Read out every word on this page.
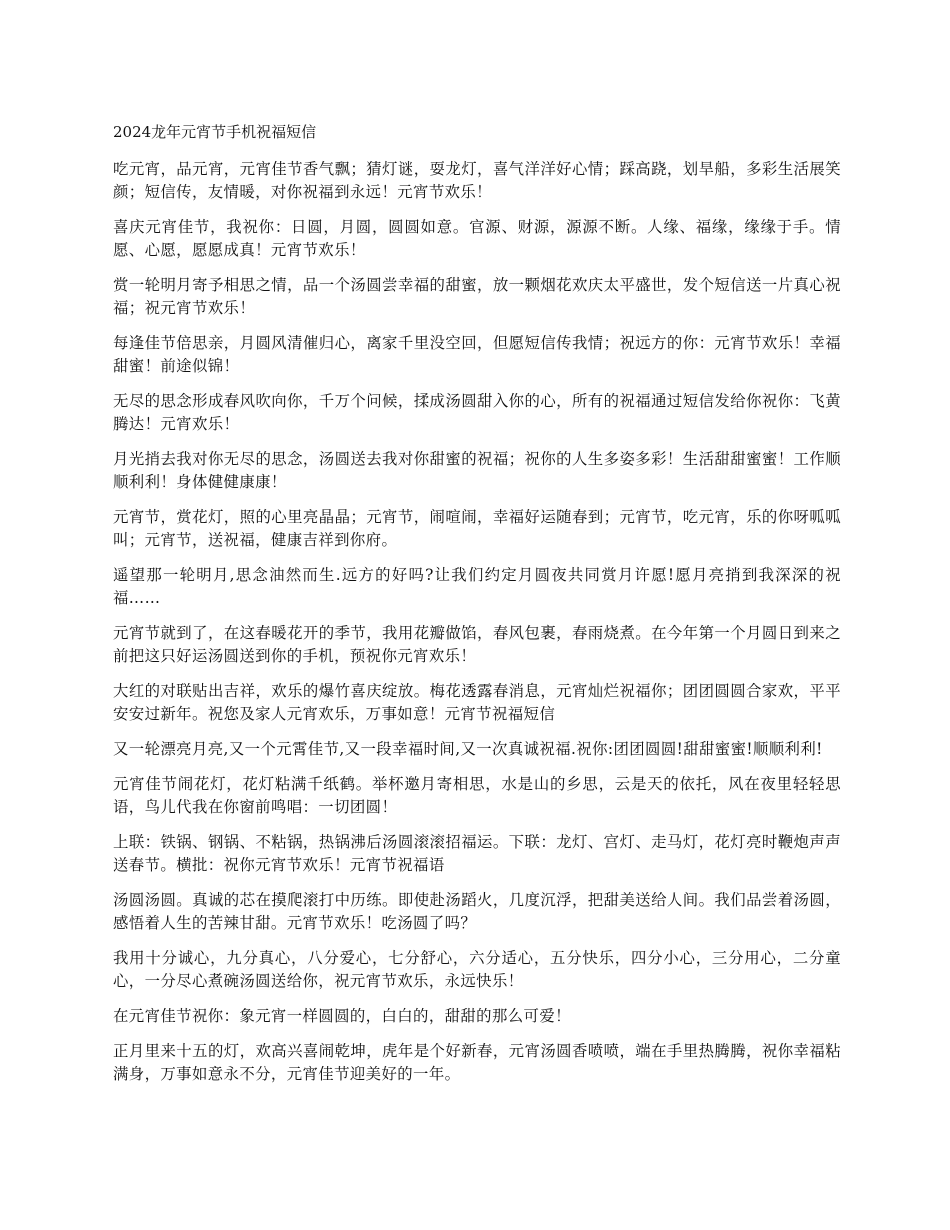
2024龙年元宵节手机祝福短信

吃元宵，品元宵，元宵佳节香气飘；猜灯谜，耍龙灯，喜气洋洋好心情；踩高跷，划旱船，多彩生活展笑颜；短信传，友情暖，对你祝福到永远！元宵节欢乐！

喜庆元宵佳节，我祝你：日圆，月圆，圆圆如意。官源、财源，源源不断。人缘、福缘，缘缘于手。情愿、心愿，愿愿成真！元宵节欢乐！

赏一轮明月寄予相思之情，品一个汤圆尝幸福的甜蜜，放一颗烟花欢庆太平盛世，发个短信送一片真心祝福；祝元宵节欢乐！

每逢佳节倍思亲，月圆风清催归心，离家千里没空回，但愿短信传我情；祝远方的你：元宵节欢乐！幸福甜蜜！前途似锦！

无尽的思念形成春风吹向你，千万个问候，揉成汤圆甜入你的心，所有的祝福通过短信发给你祝你：飞黄腾达！元宵欢乐！

月光捎去我对你无尽的思念，汤圆送去我对你甜蜜的祝福；祝你的人生多姿多彩！生活甜甜蜜蜜！工作顺顺利利！身体健健康康！

元宵节，赏花灯，照的心里亮晶晶；元宵节，闹喧闹，幸福好运随春到；元宵节，吃元宵，乐的你呀呱呱叫；元宵节，送祝福，健康吉祥到你府。

遥望那一轮明月,思念油然而生.远方的好吗?让我们约定月圆夜共同赏月许愿!愿月亮捎到我深深的祝福……

元宵节就到了，在这春暖花开的季节，我用花瓣做馅，春风包裹，春雨烧煮。在今年第一个月圆日到来之前把这只好运汤圆送到你的手机，预祝你元宵欢乐！

大红的对联贴出吉祥，欢乐的爆竹喜庆绽放。梅花透露春消息，元宵灿烂祝福你；团团圆圆合家欢，平平安安过新年。祝您及家人元宵欢乐，万事如意！元宵节祝福短信

又一轮漂亮月亮,又一个元霄佳节,又一段幸福时间,又一次真诚祝福.祝你:团团圆圆!甜甜蜜蜜!顺顺利利!

元宵佳节闹花灯，花灯粘满千纸鹤。举杯邀月寄相思，水是山的乡思，云是天的依托，风在夜里轻轻思语，鸟儿代我在你窗前鸣唱：一切团圆！

上联：铁锅、钢锅、不粘锅，热锅沸后汤圆滚滚招福运。下联：龙灯、宫灯、走马灯，花灯亮时鞭炮声声送春节。横批：祝你元宵节欢乐！元宵节祝福语

汤圆汤圆。真诚的芯在摸爬滚打中历练。即使赴汤蹈火，几度沉浮，把甜美送给人间。我们品尝着汤圆，感悟着人生的苦辣甘甜。元宵节欢乐！吃汤圆了吗？

我用十分诚心，九分真心，八分爱心，七分舒心，六分适心，五分快乐，四分小心，三分用心，二分童心，一分尽心煮碗汤圆送给你，祝元宵节欢乐，永远快乐！

在元宵佳节祝你：象元宵一样圆圆的，白白的，甜甜的那么可爱！

正月里来十五的灯，欢高兴喜闹乾坤，虎年是个好新春，元宵汤圆香喷喷，端在手里热腾腾，祝你幸福粘满身，万事如意永不分，元宵佳节迎美好的一年。
